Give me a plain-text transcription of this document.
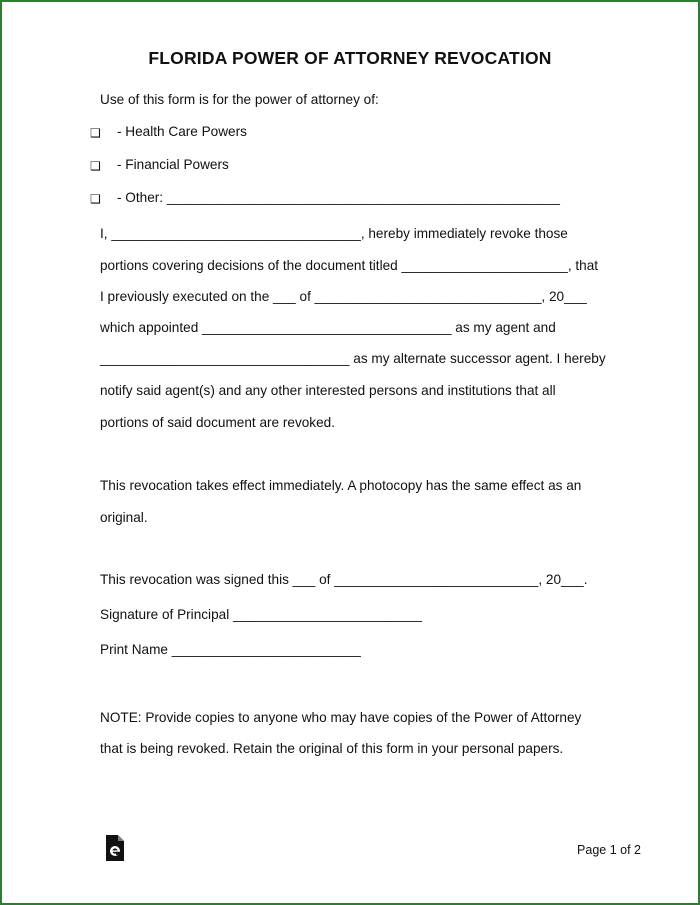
FLORIDA POWER OF ATTORNEY REVOCATION
Use of this form is for the power of attorney of:
❑ - Health Care Powers
❑ - Financial Powers
❑ - Other: ____________________________________________________
I, _________________________________, hereby immediately revoke those
portions covering decisions of the document titled ______________________, that
I previously executed on the ___ of ______________________________, 20___
which appointed _________________________________ as my agent and
_________________________________ as my alternate successor agent. I hereby
notify said agent(s) and any other interested persons and institutions that all
portions of said document are revoked.
This revocation takes effect immediately. A photocopy has the same effect as an
original.
This revocation was signed this ___ of ___________________________, 20___.
Signature of Principal _________________________
Print Name _________________________
NOTE: Provide copies to anyone who may have copies of the Power of Attorney
that is being revoked. Retain the original of this form in your personal papers.
Page 1 of 2
